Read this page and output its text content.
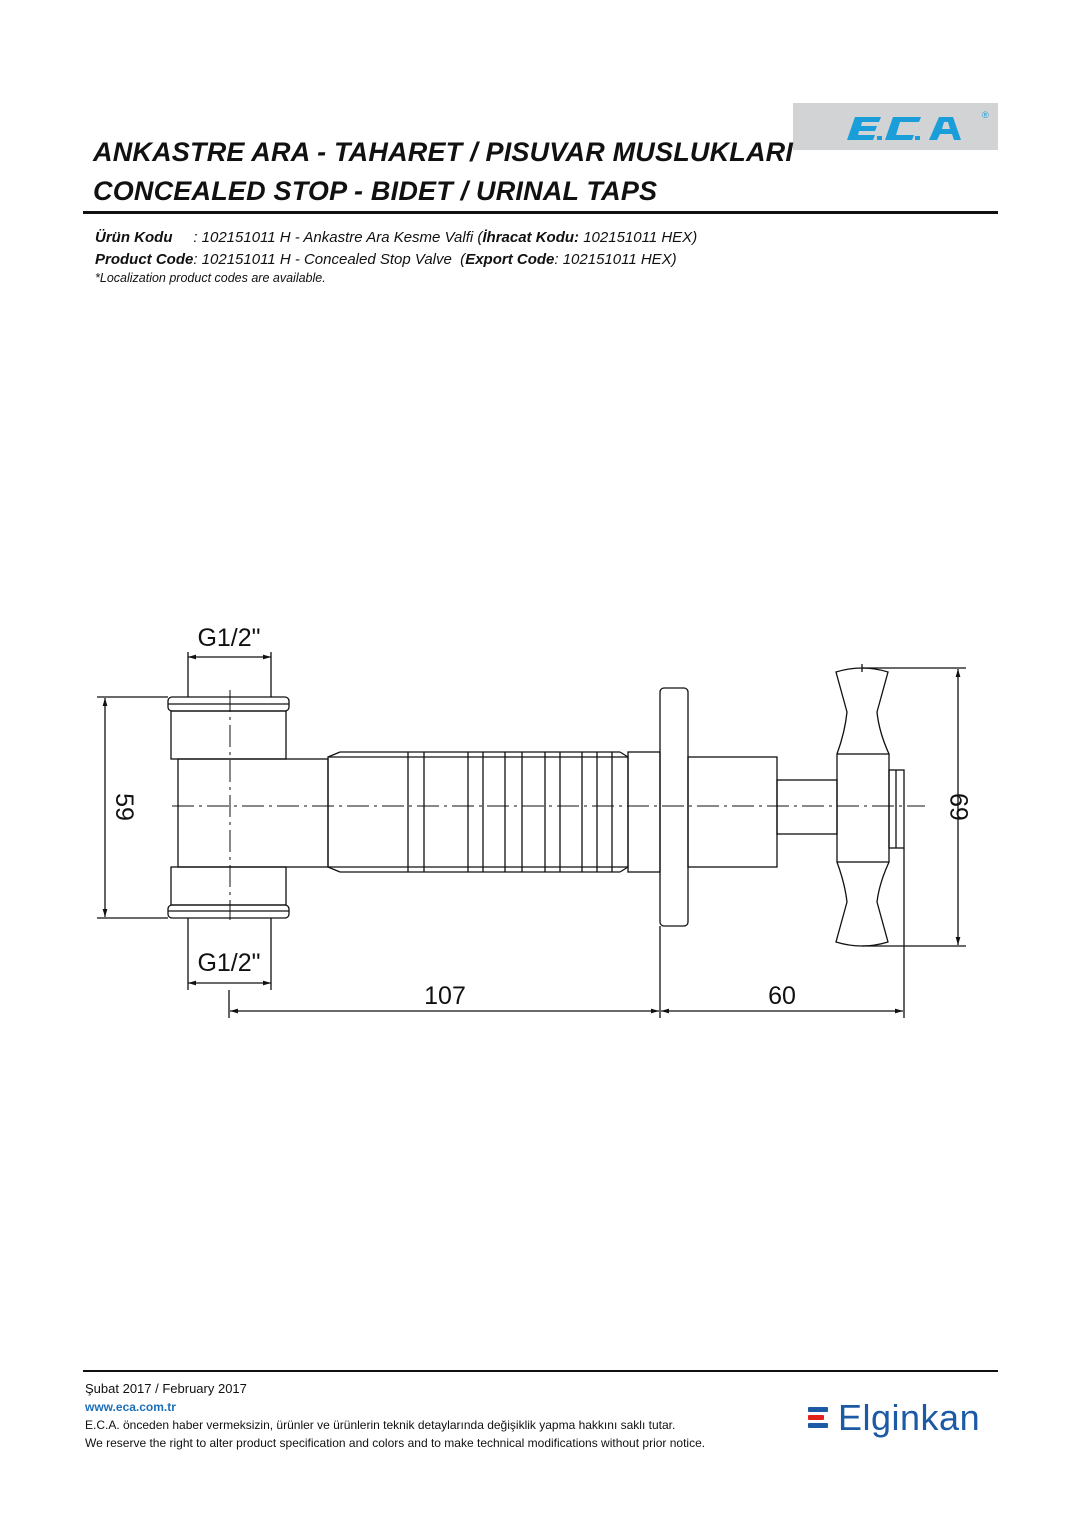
®
ANKASTRE ARA - TAHARET / PISUVAR MUSLUKLARI
CONCEALED STOP - BIDET / URINAL TAPS
Ürün Kodu     : 102151011 H - Ankastre Ara Kesme Valfi (İhracat Kodu: 102151011 HEX)
Product Code: 102151011 H - Concealed Stop Valve  (Export Code: 102151011 HEX)
*Localization product codes are available.
G1/2"
G1/2"
59	69
107	60
Şubat 2017 / February 2017
www.eca.com.tr
E.C.A. önceden haber vermeksizin, ürünler ve ürünlerin teknik detaylarında değişiklik yapma hakkını saklı tutar.
We reserve the right to alter product specification and colors and to make technical modifications without prior notice.
Elginkan
